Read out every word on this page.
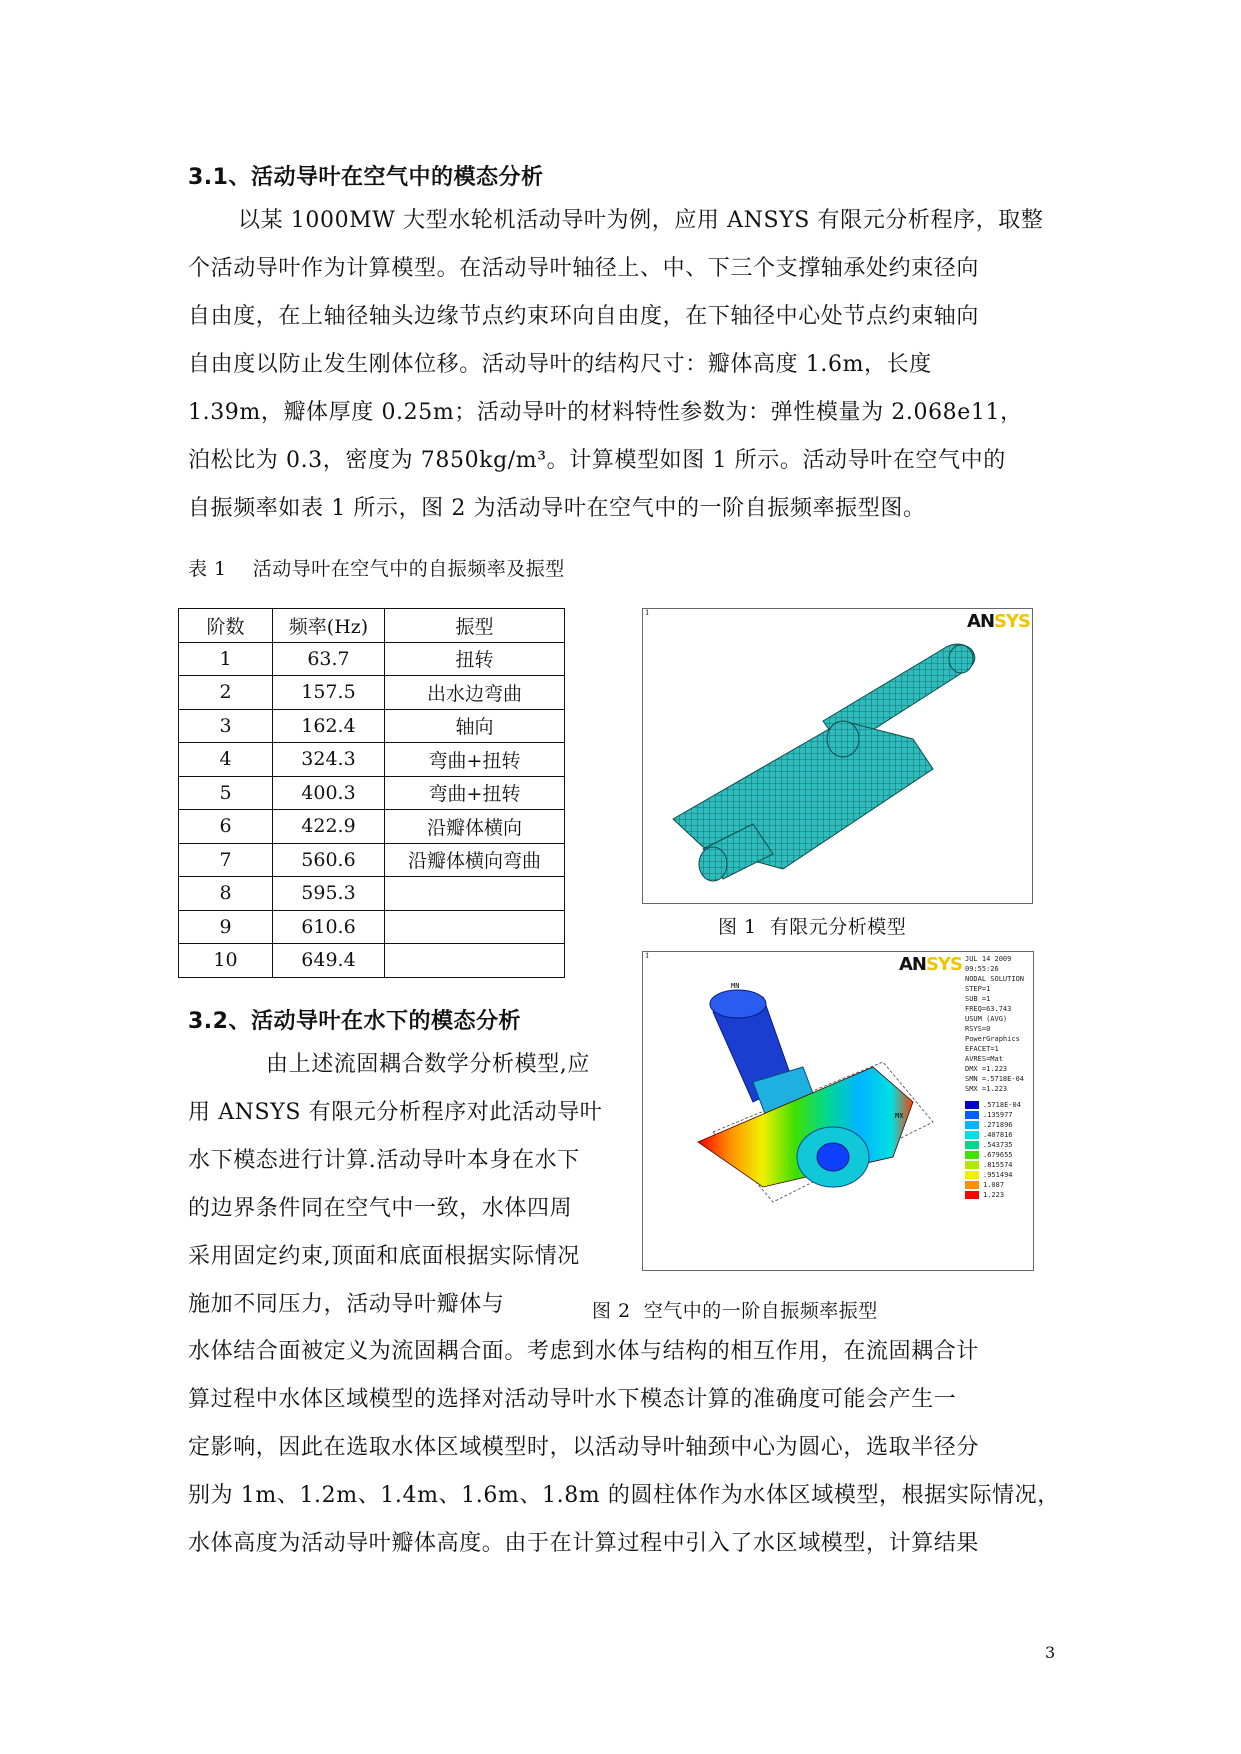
3.1、活动导叶在空气中的模态分析
以某 1000MW 大型水轮机活动导叶为例，应用 ANSYS 有限元分析程序，取整
个活动导叶作为计算模型。在活动导叶轴径上、中、下三个支撑轴承处约束径向
自由度，在上轴径轴头边缘节点约束环向自由度，在下轴径中心处节点约束轴向
自由度以防止发生刚体位移。活动导叶的结构尺寸：瓣体高度 1.6m，长度
1.39m，瓣体厚度 0.25m；活动导叶的材料特性参数为：弹性模量为 2.068e11，
泊松比为 0.3，密度为 7850kg/m³。计算模型如图 1 所示。活动导叶在空气中的
自振频率如表 1 所示，图 2 为活动导叶在空气中的一阶自振频率振型图。
表 1    活动导叶在空气中的自振频率及振型
阶数	频率(Hz)	振型
1	63.7	扭转
2	157.5	出水边弯曲
3	162.4	轴向
4	324.3	弯曲+扭转
5	400.3	弯曲+扭转
6	422.9	沿瓣体横向
7	560.6	沿瓣体横向弯曲
8	595.3	
9	610.6	
10	649.4	
1	ANSYS
图 1  有限元分析模型
1	ANSYS JUL 14 2009
09:55:26
NODAL SOLUTION
STEP=1
SUB =1
FREQ=63.743
USUM (AVG)
RSYS=0
PowerGraphics
EFACET=1
AVRES=Mat
DMX =1.223
SMN =.5718E-04
SMX =1.223
.5718E-04
.135977
.271896
.407816
.543735
.679655
.815574
.951494
1.087
1.223
MN
MX
3.2、活动导叶在水下的模态分析
由上述流固耦合数学分析模型,应
用 ANSYS 有限元分析程序对此活动导叶
水下模态进行计算.活动导叶本身在水下
的边界条件同在空气中一致，水体四周
采用固定约束,顶面和底面根据实际情况
施加不同压力，活动导叶瓣体与	图 2  空气中的一阶自振频率振型
水体结合面被定义为流固耦合面。考虑到水体与结构的相互作用，在流固耦合计
算过程中水体区域模型的选择对活动导叶水下模态计算的准确度可能会产生一
定影响，因此在选取水体区域模型时，以活动导叶轴颈中心为圆心，选取半径分
别为 1m、1.2m、1.4m、1.6m、1.8m 的圆柱体作为水体区域模型，根据实际情况，
水体高度为活动导叶瓣体高度。由于在计算过程中引入了水区域模型，计算结果
3
